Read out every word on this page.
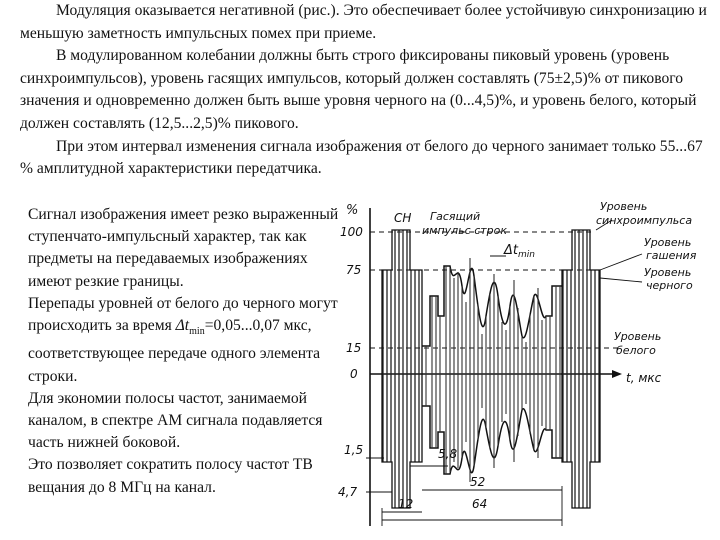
Модуляция оказывается негативной (рис.). Это обеспечивает более устойчивую синхронизацию и меньшую заметность импульсных помех при приеме.

В модулированном колебании должны быть строго фиксированы пиковый уровень (уровень синхроимпульсов), уровень гасящих импульсов, который должен составлять (75±2,5)% от пикового значения и одновременно должен быть выше уровня черного на (0...4,5)%, и уровень белого, который должен составлять (12,5...2,5)% пикового.

При этом интервал изменения сигнала изображения от белого до черного занимает только 55...67 % амплитудной характеристики передатчика.

Сигнал изображения имеет резко выраженный ступенчато-импульсный характер, так как предметы на передаваемых изображениях имеют резкие границы.

Перепады уровней от белого до черного могут происходить за время $\Delta t_{min}=0,05...0,07$ мкс, соответствующее передаче одного элемента строки.

Для экономии полосы частот, занимаемой каналом, в спектре АМ сигнала подавляется часть нижней боковой.

Это позволяет сократить полосу частот ТВ вещания до 8 МГц на канал.

%
100
75
15
0
СН Гасящий
импульс строк
$\Delta t_{min}$
Уровень
синхроимпульса
Уровень
гашения
Уровень
черного
Уровень
белого
t, мкс
1,5	5,8
4,7
52
12	64
